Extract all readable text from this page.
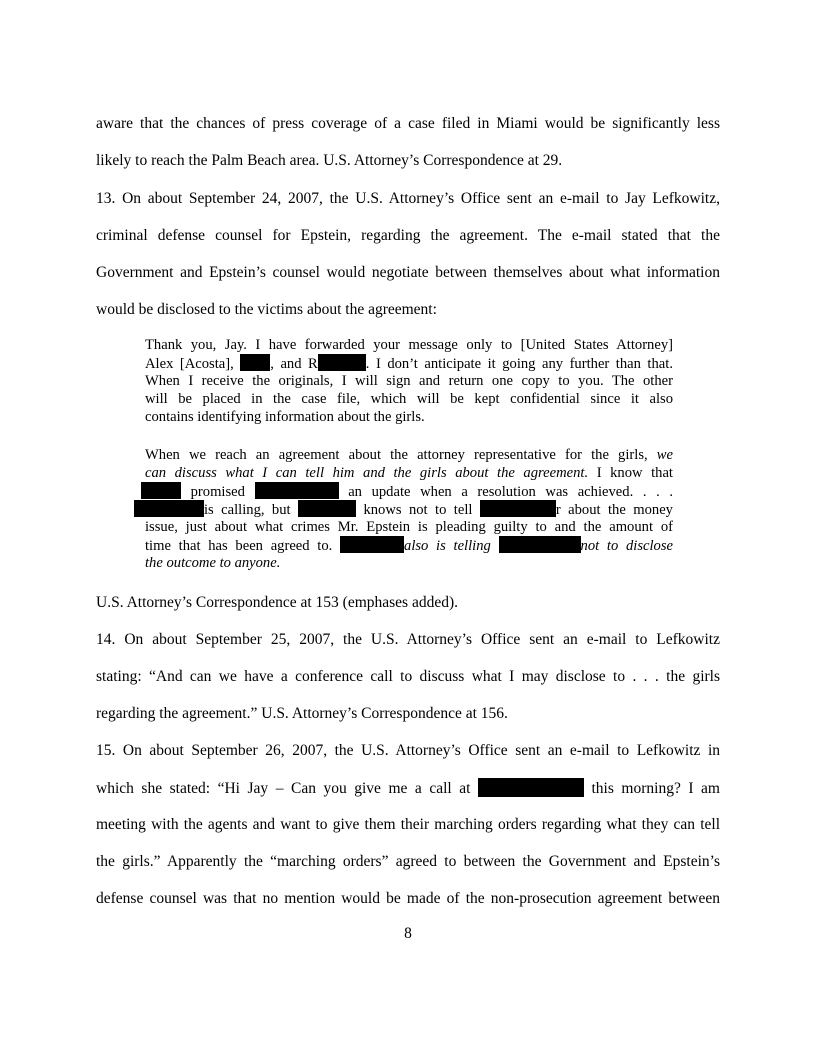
aware that the chances of press coverage of a case filed in Miami would be significantly less
likely to reach the Palm Beach area. U.S. Attorney’s Correspondence at 29.
13. On about September 24, 2007, the U.S. Attorney’s Office sent an e-mail to Jay Lefkowitz,
criminal defense counsel for Epstein, regarding the agreement. The e-mail stated that the
Government and Epstein’s counsel would negotiate between themselves about what information
would be disclosed to the victims about the agreement:
Thank you, Jay. I have forwarded your message only to [United States Attorney]
Alex [Acosta],	, and R	. I don’t anticipate it going any further than that.
When I receive the originals, I will sign and return one copy to you. The other
will be placed in the case file, which will be kept confidential since it also
contains identifying information about the girls.
When we reach an agreement about the attorney representative for the girls, we
can discuss what I can tell him and the girls about the agreement. I know that
promised	an update when a resolution was achieved. . . .
is calling, but	knows not to tell	r about the money
issue, just about what crimes Mr. Epstein is pleading guilty to and the amount of
time that has been agreed to.	also is telling	not to disclose
the outcome to anyone.
U.S. Attorney’s Correspondence at 153 (emphases added).
14. On about September 25, 2007, the U.S. Attorney’s Office sent an e-mail to Lefkowitz
stating: “And can we have a conference call to discuss what I may disclose to . . . the girls
regarding the agreement.” U.S. Attorney’s Correspondence at 156.
15. On about September 26, 2007, the U.S. Attorney’s Office sent an e-mail to Lefkowitz in
which she stated: “Hi Jay – Can you give me a call at	this morning? I am
meeting with the agents and want to give them their marching orders regarding what they can tell
the girls.” Apparently the “marching orders” agreed to between the Government and Epstein’s
defense counsel was that no mention would be made of the non-prosecution agreement between
8
